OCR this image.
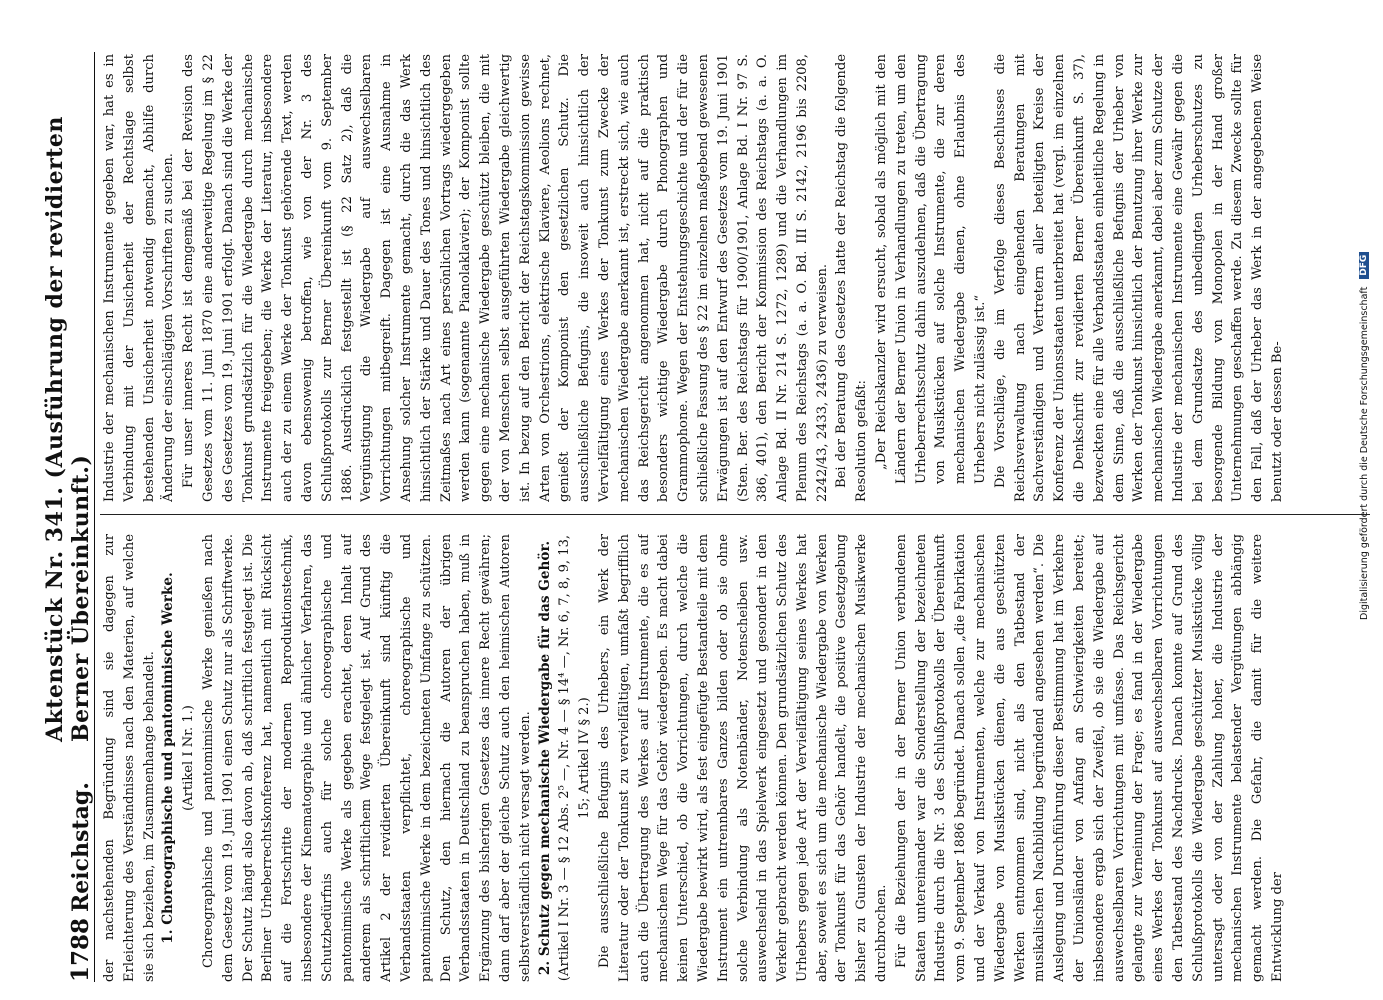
1788
Reichstag.
Aktenstück Nr. 341. (Ausführung der revidierten Berner Übereinkunft.) der nachstehenden Begründung sind sie dagegen zur Erleichterung des Verständnisses nach den Materien, auf welche sie sich beziehen, im Zusammenhange behandelt. 1. Choreographische und pantomimische Werke. (Artikel I Nr. 1.) Choreographische und pantomimische Werke genießen nach dem Gesetze vom 19. Juni 1901 einen Schutz nur als Schriftwerke. Der Schutz hängt also davon ab, daß schriftlich festgelegt ist. Die Berliner Urheberrechtskonferenz hat, namentlich mit Rücksicht auf die Fortschritte der modernen Reproduktionstechnik, insbesondere der Kinematographie und ähnlicher Verfahren, das Schutzbedürfnis auch für solche choreographische und pantomimische Werke als gegeben erachtet, deren Inhalt auf anderem als schriftlichem Wege festgelegt ist. Auf Grund des Artikel 2 der revidierten Übereinkunft sind künftig die Verbandsstaaten verpflichtet, choreographische und pantomimische Werke in dem bezeichneten Umfange zu schützen. Den Schutz, den hiernach die Autoren der übrigen Verbandsstaaten in Deutschland zu beanspruchen haben, muß in Ergänzung des bisherigen Gesetzes das innere Recht gewähren; dann darf aber der gleiche Schutz auch den heimischen Autoren selbstverständlich nicht versagt werden. 2. Schutz gegen mechanische Wiedergabe für das Gehör. (Artikel I Nr. 3 — § 12 Abs. 2⁵ —, Nr. 4 — § 14⁴ —, Nr. 6, 7, 8, 9, 13, 15; Artikel IV § 2.) Die ausschließliche Befugnis des Urhebers, ein Werk der Literatur oder der Tonkunst zu vervielfältigen, umfaßt begrifflich auch die Übertragung des Werkes auf Instrumente, die es auf mechanischem Wege für das Gehör wiedergeben. Es macht dabei keinen Unterschied, ob die Vorrichtungen, durch welche die Wiedergabe bewirkt wird, als fest eingefügte Bestandteile mit dem Instrument ein untrennbares Ganzes bilden oder ob sie ohne solche Verbindung als Notenbänder, Notenscheiben usw. auswechselnd in das Spielwerk eingesetzt und gesondert in den Verkehr gebracht werden können. Den grundsätzlichen Schutz des Urhebers gegen jede Art der Vervielfältigung seines Werkes hat aber, soweit es sich um die mechanische Wiedergabe von Werken der Tonkunst für das Gehör handelt, die positive Gesetzgebung bisher zu Gunsten der Industrie der mechanischen Musikwerke durchbrochen. Für die Beziehungen der in der Berner Union verbundenen Staaten untereinander war die Sonderstellung der bezeichneten Industrie durch die Nr. 3 des Schlußprotokolls der Übereinkunft vom 9. September 1886 begründet. Danach sollen „die Fabrikation und der Verkauf von Instrumenten, welche zur mechanischen Wiedergabe von Musikstücken dienen, die aus geschützten Werken entnommen sind, nicht als den Tatbestand der musikalischen Nachbildung begründend angesehen werden“. Die Auslegung und Durchführung dieser Bestimmung hat im Verkehre der Unionsländer von Anfang an Schwierigkeiten bereitet; insbesondere ergab sich der Zweifel, ob sie die Wiedergabe auf auswechselbaren Vorrichtungen mit umfasse. Das Reichsgericht gelangte zur Verneinung der Frage; es fand in der Wiedergabe eines Werkes der Tonkunst auf auswechselbaren Vorrichtungen den Tatbestand des Nachdrucks. Danach konnte auf Grund des Schlußprotokolls die Wiedergabe geschützter Musikstücke völlig untersagt oder von der Zahlung hoher, die Industrie der mechanischen Instrumente belastender Vergütungen abhängig gemacht werden. Die Gefahr, die damit für die weitere Entwicklung der

Industrie der mechanischen Instrumente gegeben war, hat es in Verbindung mit der Unsicherheit der Rechtslage selbst bestehenden Unsicherheit notwendig gemacht, Abhilfe durch Änderung der einschlägigen Vorschriften zu suchen. Für unser inneres Recht ist demgemäß bei der Revision des Gesetzes vom 11. Juni 1870 eine anderweitige Regelung im § 22 des Gesetzes vom 19. Juni 1901 erfolgt. Danach sind die Werke der Tonkunst grundsätzlich für die Wiedergabe durch mechanische Instrumente freigegeben; die Werke der Literatur, insbesondere auch der zu einem Werke der Tonkunst gehörende Text, werden davon ebensowenig betroffen, wie von der Nr. 3 des Schlußprotokolls zur Berner Übereinkunft vom 9. September 1886. Ausdrücklich festgestellt ist (§ 22 Satz 2), daß die Vergünstigung die Wiedergabe auf auswechselbaren Vorrichtungen mitbegreift. Dagegen ist eine Ausnahme in Ansehung solcher Instrumente gemacht, durch die das Werk hinsichtlich der Stärke und Dauer des Tones und hinsichtlich des Zeitmaßes nach Art eines persönlichen Vortrags wiedergegeben werden kann (sogenannte Pianolaklavier); der Komponist sollte gegen eine mechanische Wiedergabe geschützt bleiben, die mit der von Menschen selbst ausgeführten Wiedergabe gleichwertig ist. In bezug auf den Bericht der Reichstagskommission gewisse Arten von Orchestrions, elektrische Klaviere, Aeolions rechnet, genießt der Komponist den gesetzlichen Schutz. Die ausschließliche Befugnis, die insoweit auch hinsichtlich der Vervielfältigung eines Werkes der Tonkunst zum Zwecke der mechanischen Wiedergabe anerkannt ist, erstreckt sich, wie auch das Reichsgericht angenommen hat, nicht auf die praktisch besonders wichtige Wiedergabe durch Phonographen und Grammophone. Wegen der Entstehungsgeschichte und der für die schließliche Fassung des § 22 im einzelnen maßgebend gewesenen Erwägungen ist auf den Entwurf des Gesetzes vom 19. Juni 1901 (Sten. Ber. des Reichstags für 1900/1901, Anlage Bd. I Nr. 97 S. 386, 401), den Bericht der Kommission des Reichstags (a. a. O. Anlage Bd. II Nr. 214 S. 1272, 1289) und die Verhandlungen im Plenum des Reichstags (a. a. O. Bd. III S. 2142, 2196 bis 2208, 2242/43, 2433, 2436) zu verweisen. Bei der Beratung des Gesetzes hatte der Reichstag die folgende Resolution gefaßt: „Der Reichskanzler wird ersucht, sobald als möglich mit den Ländern der Berner Union in Verhandlungen zu treten, um den Urheberrechtsschutz dahin auszudehnen, daß die Übertragung von Musikstücken auf solche Instrumente, die zur deren mechanischen Wiedergabe dienen, ohne Erlaubnis des Urhebers nicht zulässig ist.“ Die Vorschläge, die im Verfolge dieses Beschlusses die Reichsverwaltung nach eingehenden Beratungen mit Sachverständigen und Vertretern aller beteiligten Kreise der Konferenz der Unionsstaaten unterbreitet hat (vergl. im einzelnen die Denkschrift zur revidierten Berner Übereinkunft S. 37), bezweckten eine für alle Verbandsstaaten einheitliche Regelung in dem Sinne, daß die ausschließliche Befugnis der Urheber von Werken der Tonkunst hinsichtlich der Benutzung ihrer Werke zur mechanischen Wiedergabe anerkannt, dabei aber zum Schutze der Industrie der mechanischen Instrumente eine Gewähr gegen die bei dem Grundsatze des unbedingten Urheberschutzes zu besorgende Bildung von Monopolen in der Hand großer Unternehmungen geschaffen werde. Zu diesem Zwecke sollte für den Fall, daß der Urheber das Werk in der angegebenen Weise benutzt oder dessen Be-	Digitalisierung gefördert durch die Deutsche Forschungsgemeinschaft
DFG
